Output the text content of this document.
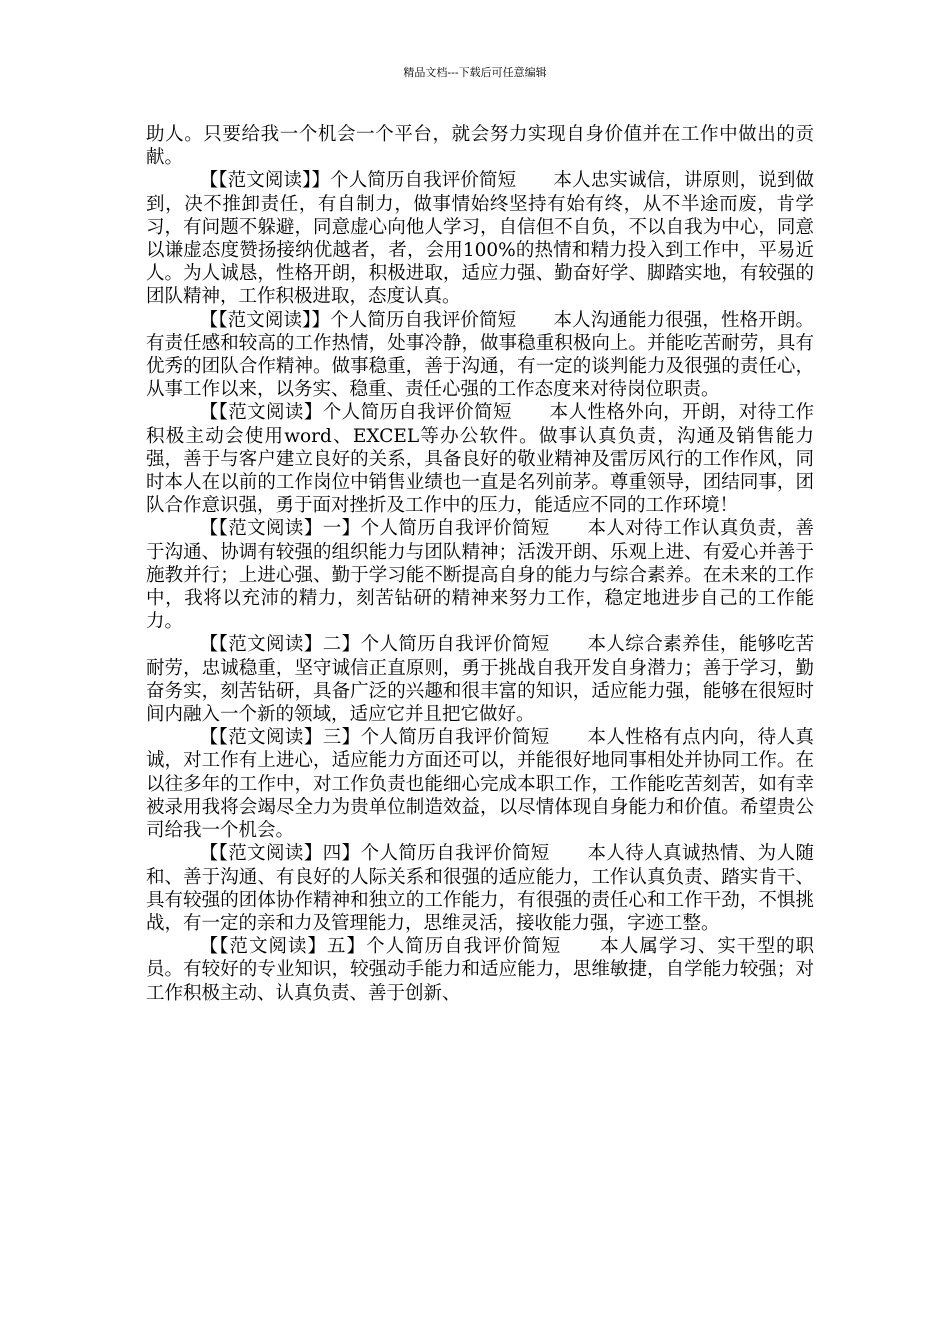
精品文档---下载后可任意编辑

助人。只要给我一个机会一个平台，就会努力实现自身价值并在工作中做出的贡献。

【【范文阅读】】个人简历自我评价简短　　本人忠实诚信，讲原则，说到做到，决不推卸责任，有自制力，做事情始终坚持有始有终，从不半途而废，肯学习，有问题不躲避，同意虚心向他人学习，自信但不自负，不以自我为中心，同意以谦虚态度赞扬接纳优越者，者，会用100%的热情和精力投入到工作中，平易近人。为人诚恳，性格开朗，积极进取，适应力强、勤奋好学、脚踏实地，有较强的团队精神，工作积极进取，态度认真。

【【范文阅读】】个人简历自我评价简短　　本人沟通能力很强，性格开朗。有责任感和较高的工作热情，处事冷静，做事稳重积极向上。并能吃苦耐劳，具有优秀的团队合作精神。做事稳重，善于沟通，有一定的谈判能力及很强的责任心，从事工作以来，以务实、稳重、责任心强的工作态度来对待岗位职责。

【【范文阅读】个人简历自我评价简短　　本人性格外向，开朗，对待工作积极主动会使用word、EXCEL等办公软件。做事认真负责，沟通及销售能力强，善于与客户建立良好的关系，具备良好的敬业精神及雷厉风行的工作作风，同时本人在以前的工作岗位中销售业绩也一直是名列前茅。尊重领导，团结同事，团队合作意识强，勇于面对挫折及工作中的压力，能适应不同的工作环境！

【【范文阅读】一】个人简历自我评价简短　　本人对待工作认真负责，善于沟通、协调有较强的组织能力与团队精神；活泼开朗、乐观上进、有爱心并善于施教并行；上进心强、勤于学习能不断提高自身的能力与综合素养。在未来的工作中，我将以充沛的精力，刻苦钻研的精神来努力工作，稳定地进步自己的工作能力。

【【范文阅读】二】个人简历自我评价简短　　本人综合素养佳，能够吃苦耐劳，忠诚稳重，坚守诚信正直原则，勇于挑战自我开发自身潜力；善于学习，勤奋务实，刻苦钻研，具备广泛的兴趣和很丰富的知识，适应能力强，能够在很短时间内融入一个新的领域，适应它并且把它做好。

【【范文阅读】三】个人简历自我评价简短　　本人性格有点内向，待人真诚，对工作有上进心，适应能力方面还可以，并能很好地同事相处并协同工作。在以往多年的工作中，对工作负责也能细心完成本职工作，工作能吃苦刻苦，如有幸被录用我将会竭尽全力为贵单位制造效益，以尽情体现自身能力和价值。希望贵公司给我一个机会。

【【范文阅读】四】个人简历自我评价简短　　本人待人真诚热情、为人随和、善于沟通、有良好的人际关系和很强的适应能力，工作认真负责、踏实肯干、具有较强的团体协作精神和独立的工作能力，有很强的责任心和工作干劲，不惧挑战，有一定的亲和力及管理能力，思维灵活，接收能力强，字迹工整。

【【范文阅读】五】个人简历自我评价简短　　本人属学习、实干型的职员。有较好的专业知识，较强动手能力和适应能力，思维敏捷，自学能力较强；对工作积极主动、认真负责、善于创新、
